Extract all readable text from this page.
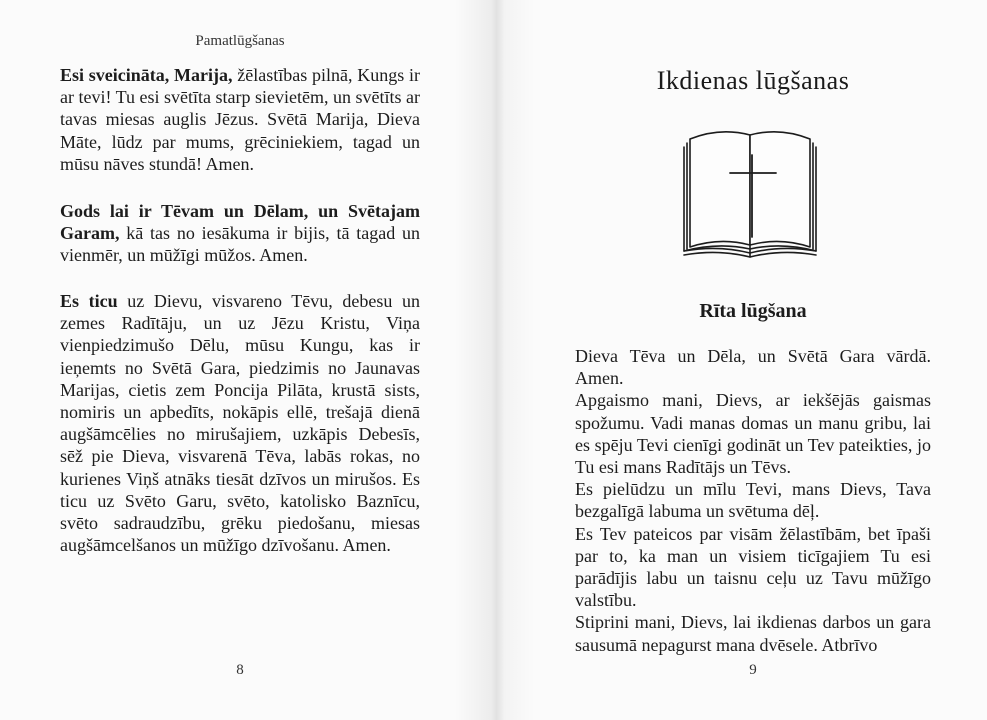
Pamatlūgšanas

Esi sveicināta, Marija, žēlastības pilnā, Kungs ir ar tevi! Tu esi svētīta starp sievietēm, un svētīts ar tavas miesas auglis Jēzus. Svētā Marija, Dieva Māte, lūdz par mums, grēciniekiem, tagad un mūsu nāves stundā! Amen.

Gods lai ir Tēvam un Dēlam, un Svētajam Garam, kā tas no iesākuma ir bijis, tā tagad un vienmēr, un mūžīgi mūžos. Amen.

Es ticu uz Dievu, visvareno Tēvu, debesu un zemes Radītāju, un uz Jēzu Kristu, Viņa vienpiedzimušo Dēlu, mūsu Kungu, kas ir ieņemts no Svētā Gara, piedzimis no Jaunavas Marijas, cietis zem Poncija Pilāta, krustā sists, nomiris un apbedīts, nokāpis ellē, trešajā dienā augšāmcēlies no mirušajiem, uzkāpis Debesīs, sēž pie Dieva, visvarenā Tēva, labās rokas, no kurienes Viņš atnāks tiesāt dzīvos un mirušos. Es ticu uz Svēto Garu, svēto, katolisko Baznīcu, svēto sadraudzību, grēku piedošanu, miesas augšāmcelšanos un mūžīgo dzīvošanu. Amen.

8
Ikdienas lūgšanas
Rīta lūgšana

Dieva Tēva un Dēla, un Svētā Gara vārdā. Amen.

Apgaismo mani, Dievs, ar iekšējās gaismas spožumu. Vadi manas domas un manu gribu, lai es spēju Tevi cienīgi godināt un Tev pateikties, jo Tu esi mans Radītājs un Tēvs.

Es pielūdzu un mīlu Tevi, mans Dievs, Tava bezgalīgā labuma un svētuma dēļ.

Es Tev pateicos par visām žēlastībām, bet īpaši par to, ka man un visiem ticīgajiem Tu esi parādījis labu un taisnu ceļu uz Tavu mūžīgo valstību.

Stiprini mani, Dievs, lai ikdienas darbos un gara sausumā nepagurst mana dvēsele. Atbrīvo

9
